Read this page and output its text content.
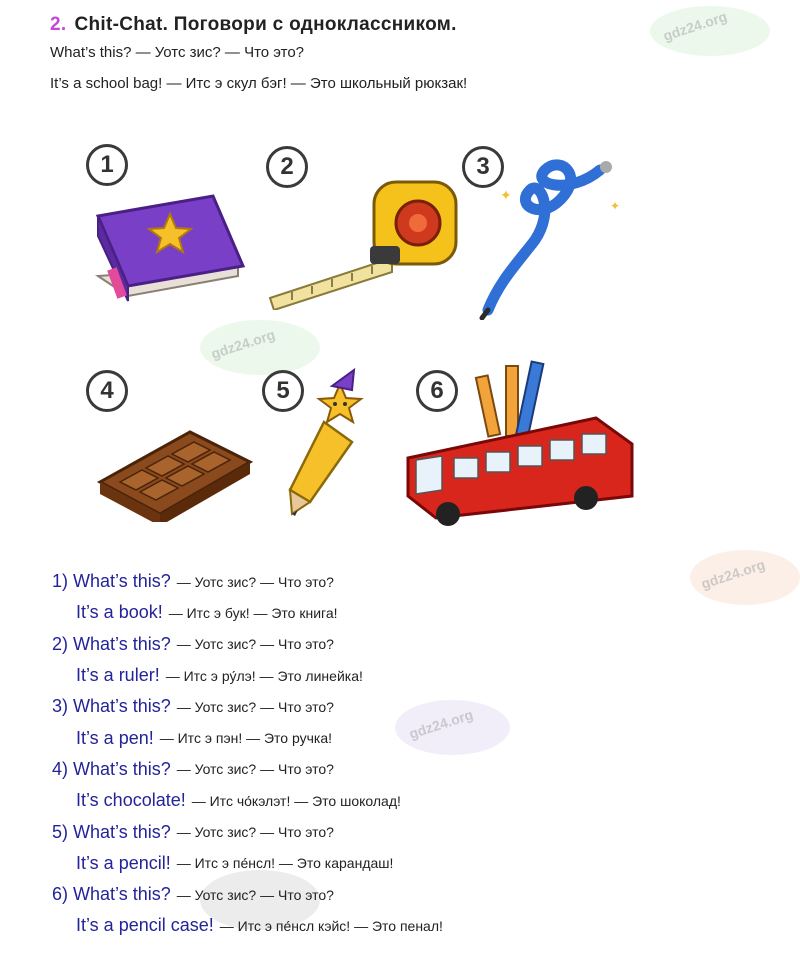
gdz24.org
gdz24.org
gdz24.org
gdz24.org
2. Chit-Chat. Поговори с одноклассником.
What’s this? — Уотс зис? — Что это?
It’s a school bag! — Итс э скул бэг! — Это школьный рюкзак!
1	2	3
✦
✦
4	5	6
1) What’s this? — Уотс зис? — Что это?
It’s a book! — Итс э бук! — Это книга!
2) What’s this? — Уотс зис? — Что это?
It’s a ruler! — Итс э ру́лэ! — Это линейка!
3) What’s this? — Уотс зис? — Что это?
It’s a pen! — Итс э пэн! — Это ручка!
4) What’s this? — Уотс зис? — Что это?
It’s chocolate! — Итс чо́кэлэт! — Это шоколад!
5) What’s this? — Уотс зис? — Что это?
It’s a pencil! — Итс э пе́нсл! — Это карандаш!
6) What’s this? — Уотс зис? — Что это?
It’s a pencil case! — Итс э пе́нсл кэйс! — Это пенал!
